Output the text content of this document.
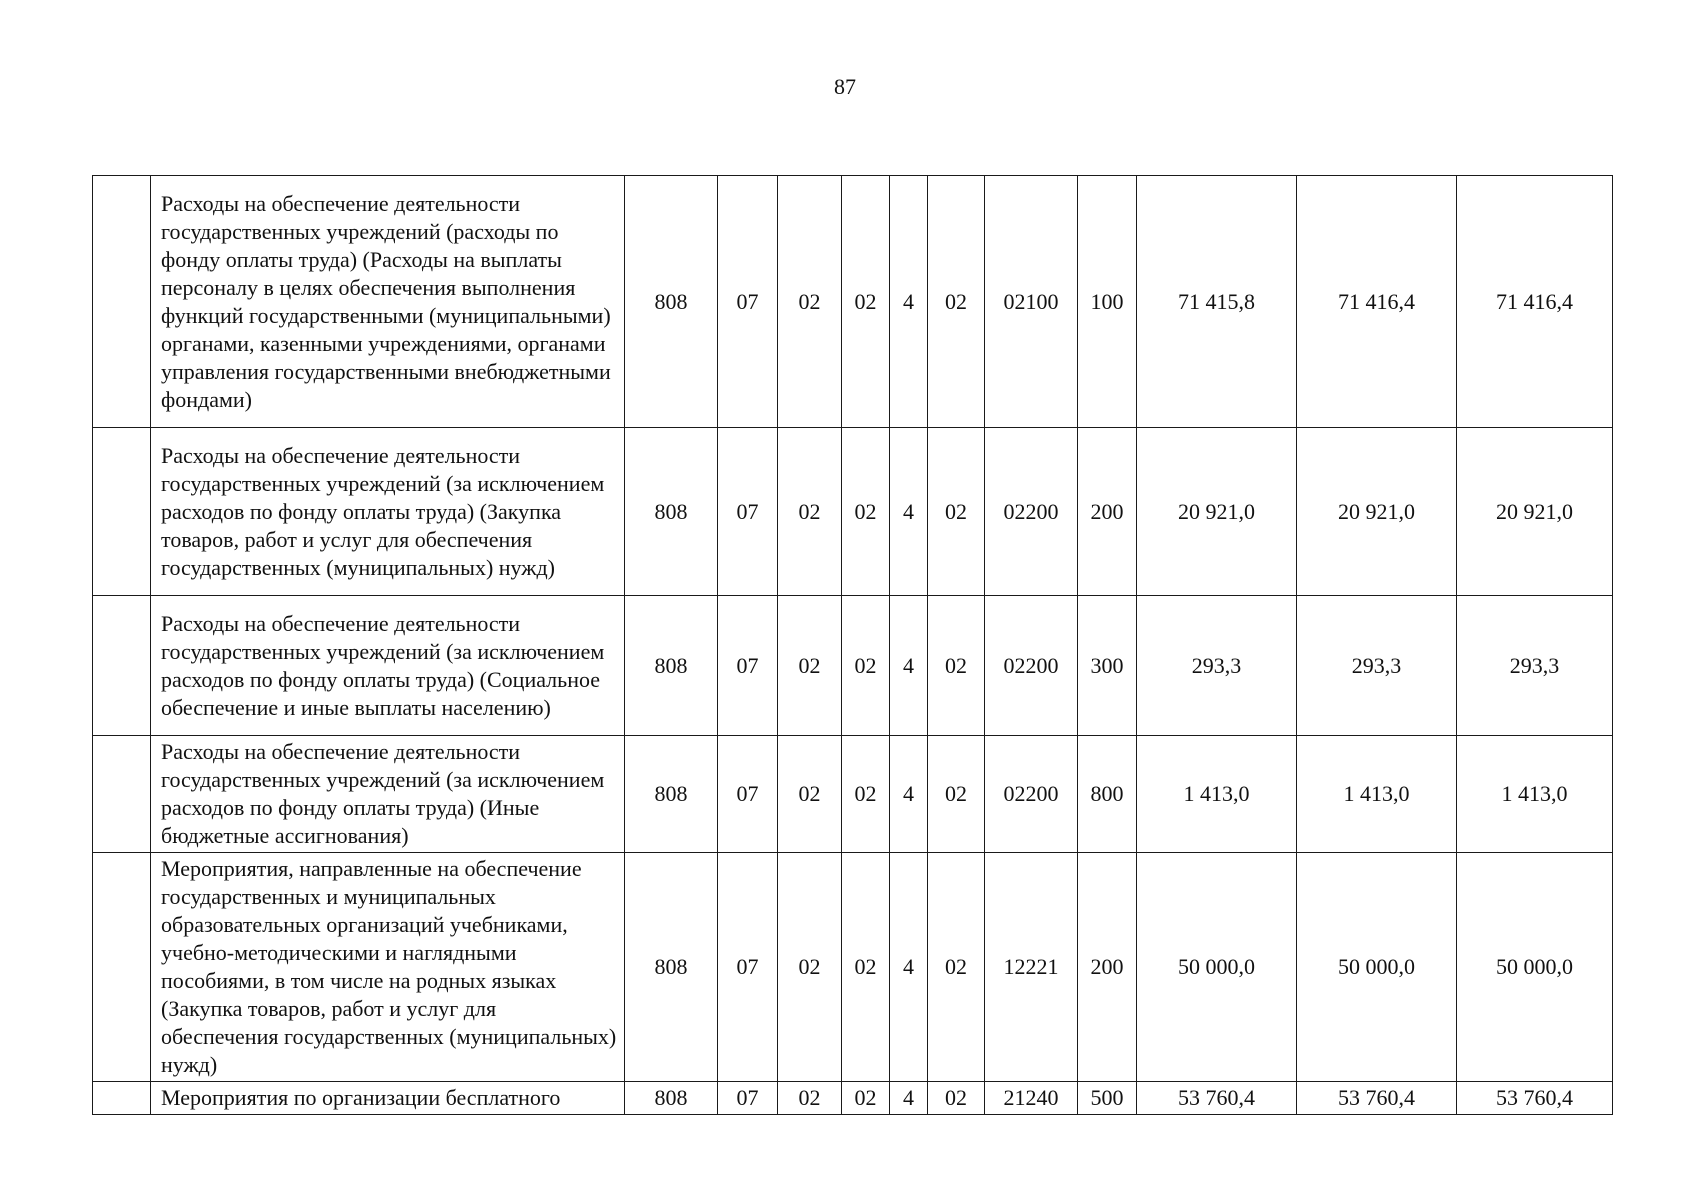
87
	Расходы на обеспечение деятельности государственных учреждений (расходы по фонду оплаты труда) (Расходы на выплаты персоналу в целях обеспечения выполнения функций государственными (муниципальными) органами, казенными учреждениями, органами управления государственными внебюджетными фондами)	808	07	02	02	4	02	02100	100	71 415,8	71 416,4	71 416,4
	Расходы на обеспечение деятельности государственных учреждений (за исключением расходов по фонду оплаты труда) (Закупка товаров, работ и услуг для обеспечения государственных (муниципальных) нужд)	808	07	02	02	4	02	02200	200	20 921,0	20 921,0	20 921,0
	Расходы на обеспечение деятельности государственных учреждений (за исключением расходов по фонду оплаты труда) (Социальное обеспечение и иные выплаты населению)	808	07	02	02	4	02	02200	300	293,3	293,3	293,3
	Расходы на обеспечение деятельности государственных учреждений (за исключением расходов по фонду оплаты труда) (Иные бюджетные ассигнования)	808	07	02	02	4	02	02200	800	1 413,0	1 413,0	1 413,0
	Мероприятия, направленные на обеспечение государственных и муниципальных образовательных организаций учебниками, учебно-методическими и наглядными пособиями, в том числе на родных языках (Закупка товаров, работ и услуг для обеспечения государственных (муниципальных) нужд)	808	07	02	02	4	02	12221	200	50 000,0	50 000,0	50 000,0
	Мероприятия по организации бесплатного	808	07	02	02	4	02	21240	500	53 760,4	53 760,4	53 760,4
